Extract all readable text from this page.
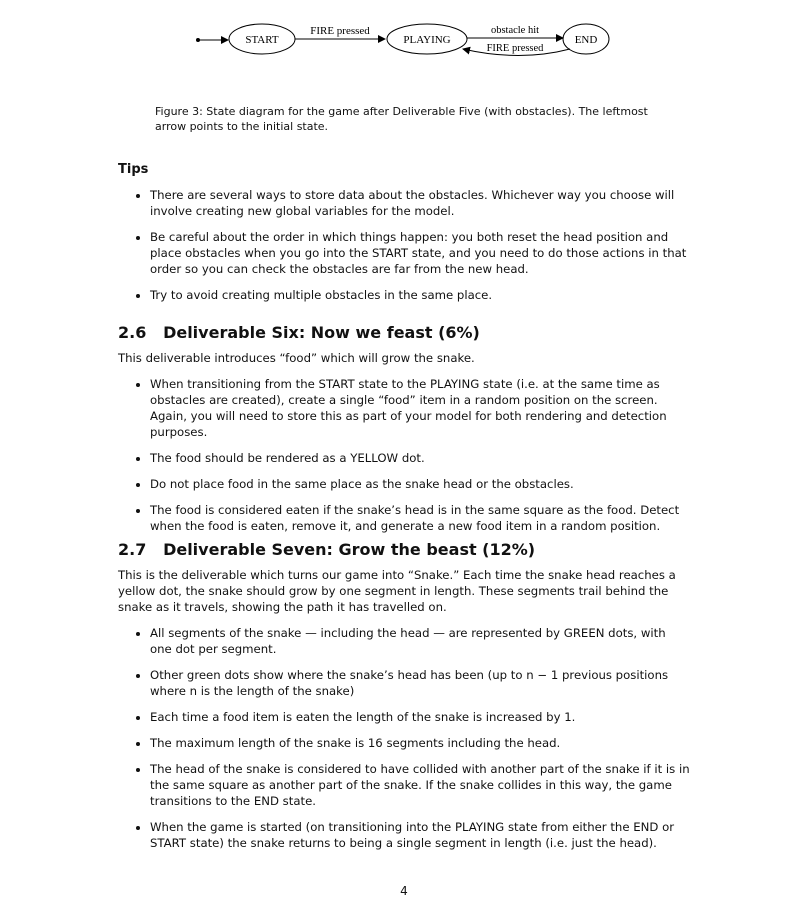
START
FIRE pressed
PLAYING
obstacle hit
END
FIRE pressed
Figure 3: State diagram for the game after Deliverable Five (with obstacles). The leftmost arrow points to the initial state.
Tips
• There are several ways to store data about the obstacles. Whichever way you choose will involve creating new global variables for the model.
• Be careful about the order in which things happen: you both reset the head position and place obstacles when you go into the START state, and you need to do those actions in that order so you can check the obstacles are far from the new head.
• Try to avoid creating multiple obstacles in the same place.
2.6 Deliverable Six: Now we feast (6%)

This deliverable introduces “food” which will grow the snake.

• When transitioning from the START state to the PLAYING state (i.e. at the same time as obstacles are created), create a single “food” item in a random position on the screen. Again, you will need to store this as part of your model for both rendering and detection purposes.
• The food should be rendered as a YELLOW dot.
• Do not place food in the same place as the snake head or the obstacles.
• The food is considered eaten if the snake’s head is in the same square as the food. Detect when the food is eaten, remove it, and generate a new food item in a random position.
2.7 Deliverable Seven: Grow the beast (12%)

This is the deliverable which turns our game into “Snake.” Each time the snake head reaches a yellow dot, the snake should grow by one segment in length. These segments trail behind the snake as it travels, showing the path it has travelled on.

• All segments of the snake — including the head — are represented by GREEN dots, with one dot per segment.
• Other green dots show where the snake’s head has been (up to n − 1 previous positions where n is the length of the snake)
• Each time a food item is eaten the length of the snake is increased by 1.
• The maximum length of the snake is 16 segments including the head.
• The head of the snake is considered to have collided with another part of the snake if it is in the same square as another part of the snake. If the snake collides in this way, the game transitions to the END state.
• When the game is started (on transitioning into the PLAYING state from either the END or START state) the snake returns to being a single segment in length (i.e. just the head).
4
